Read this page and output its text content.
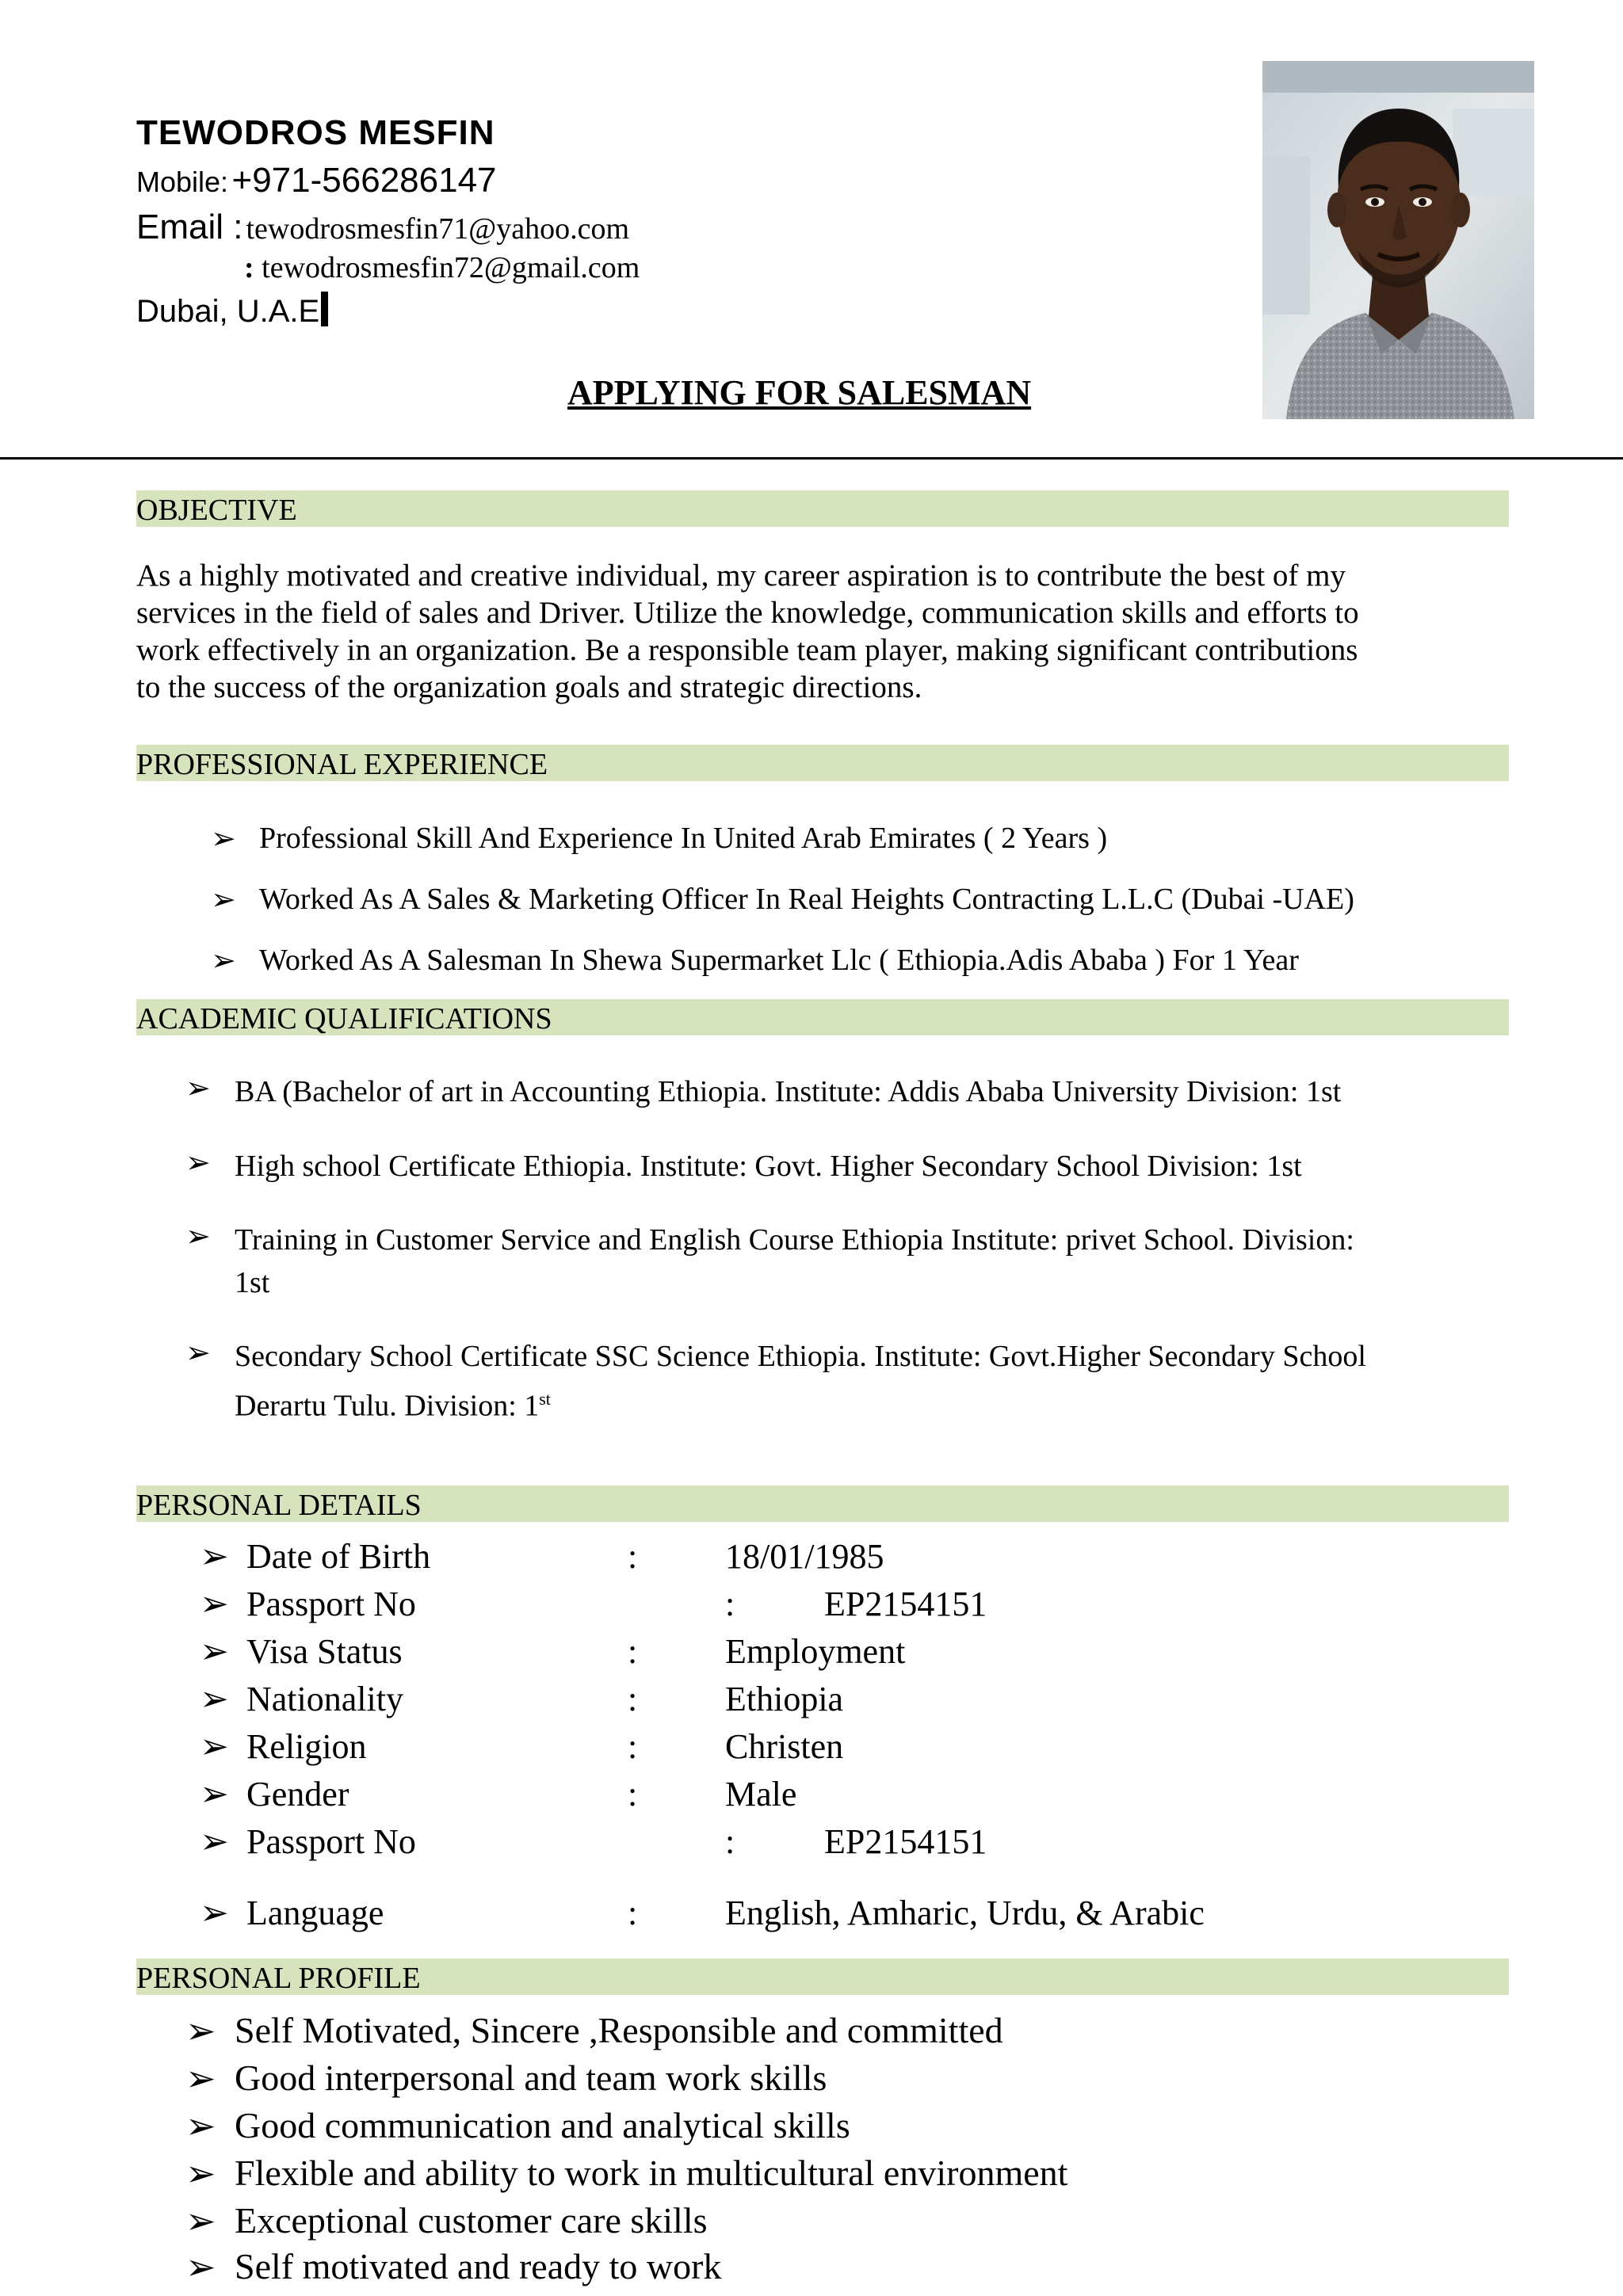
TEWODROS MESFIN
Mobile: +971-566286147
Email : tewodrosmesfin71@yahoo.com
: tewodrosmesfin72@gmail.com
Dubai, U.A.E
APPLYING FOR SALESMAN
OBJECTIVE
As a highly motivated and creative individual, my career aspiration is to contribute the best of my
services in the field of sales and Driver. Utilize the knowledge, communication skills and efforts to
work effectively in an organization. Be a responsible team player, making significant contributions
to the success of the organization goals and strategic directions.
PROFESSIONAL EXPERIENCE
➢ Professional Skill And Experience In United Arab Emirates ( 2 Years )
➢ Worked As A Sales & Marketing Officer In Real Heights Contracting L.L.C (Dubai -UAE)
➢ Worked As A Salesman In Shewa Supermarket Llc ( Ethiopia.Adis Ababa ) For 1 Year
ACADEMIC QUALIFICATIONS
➢ BA (Bachelor of art in Accounting Ethiopia. Institute: Addis Ababa University Division: 1st
➢ High school Certificate Ethiopia. Institute: Govt. Higher Secondary School Division: 1st
➢ Training in Customer Service and English Course Ethiopia Institute: privet School. Division:
1st
➢ Secondary School Certificate SSC Science Ethiopia. Institute: Govt.Higher Secondary School
Derartu Tulu. Division: 1st
PERSONAL DETAILS
➢ Date of Birth	:	18/01/1985
➢ Passport No	:	EP2154151
➢ Visa Status	:	Employment
➢ Nationality	:	Ethiopia
➢ Religion	:	Christen
➢ Gender	:	Male
➢ Passport No	:	EP2154151
➢ Language	:	English, Amharic, Urdu, & Arabic
PERSONAL PROFILE
➢ Self Motivated, Sincere ,Responsible and committed
➢ Good interpersonal and team work skills
➢ Good communication and analytical skills
➢ Flexible and ability to work in multicultural environment
➢ Exceptional customer care skills
➢ Self motivated and ready to work
